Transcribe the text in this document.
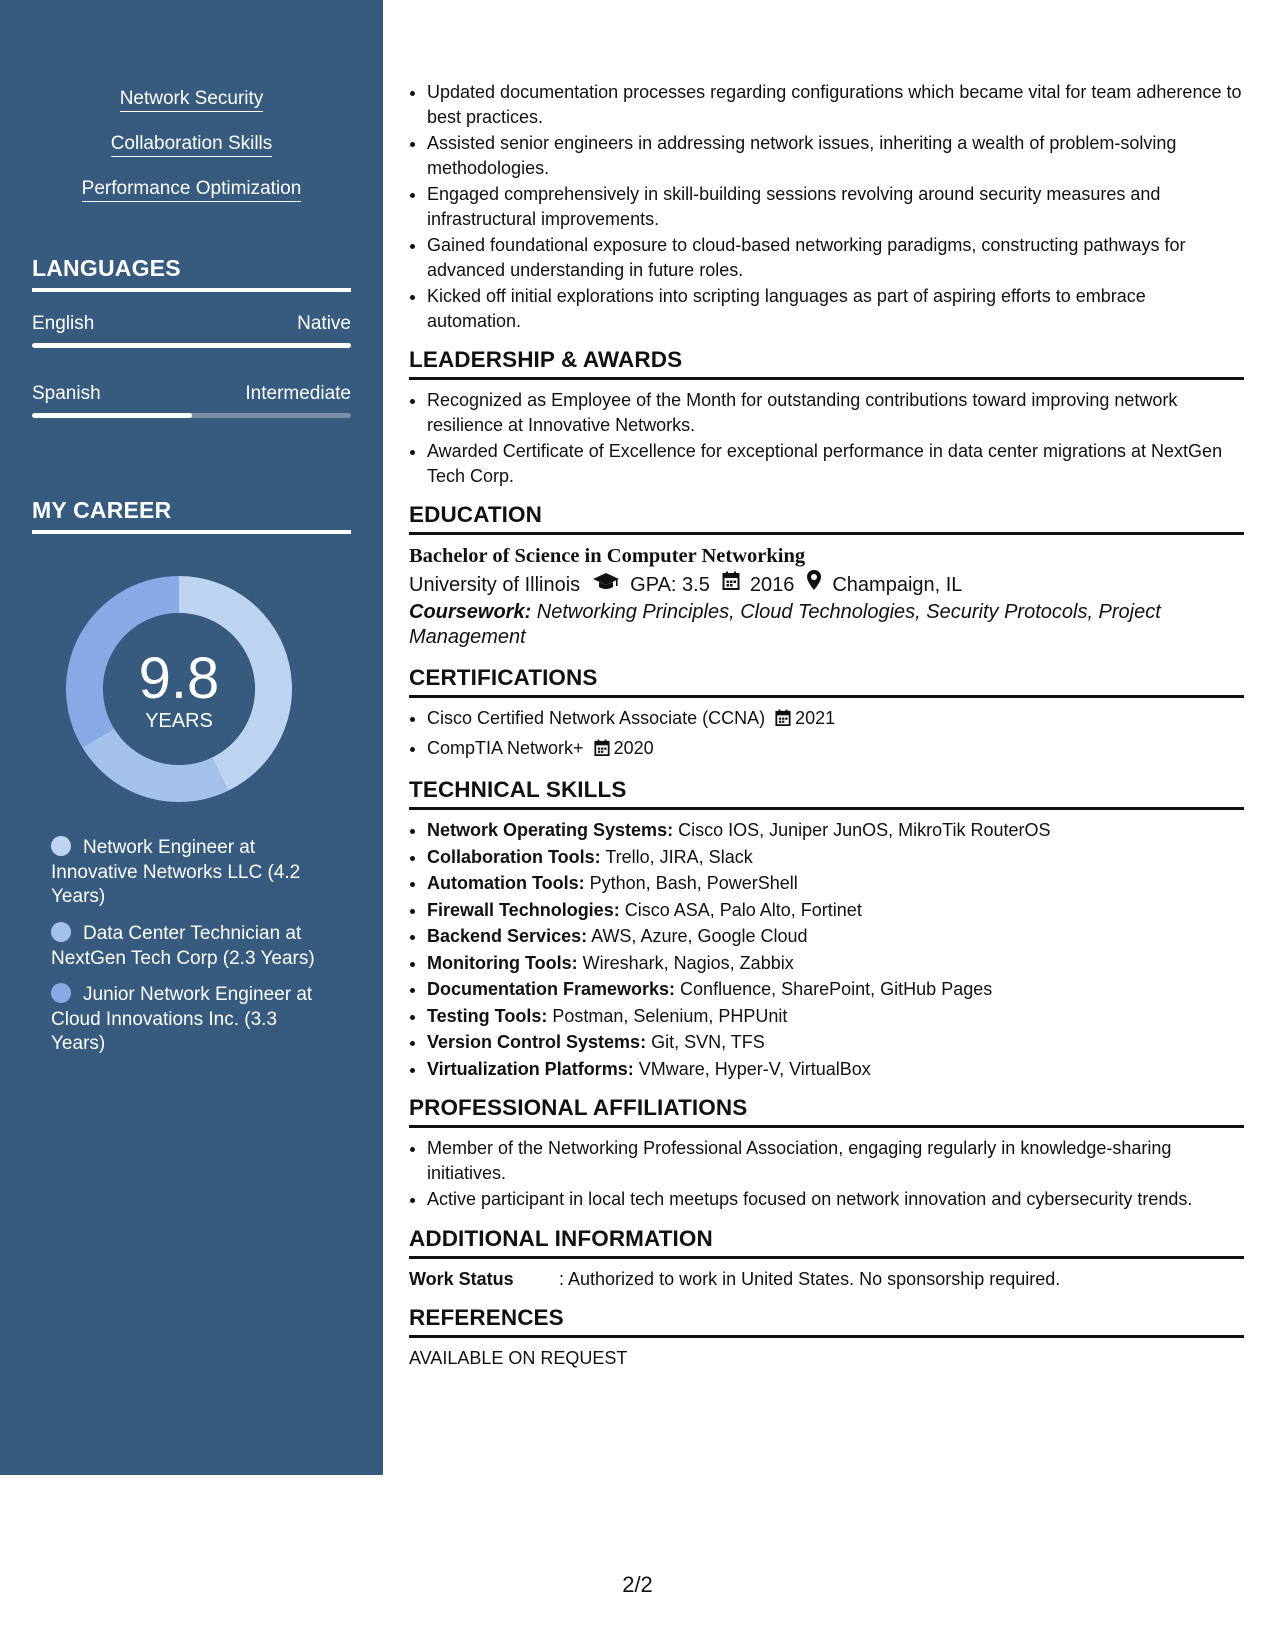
Network Security
Collaboration Skills
Performance Optimization
LANGUAGES
English	Native
Spanish	Intermediate
MY CAREER
9.8
YEARS
Network Engineer at Innovative Networks LLC (4.2 Years)
Data Center Technician at NextGen Tech Corp (2.3 Years)
Junior Network Engineer at Cloud Innovations Inc. (3.3 Years)
• Updated documentation processes regarding configurations which became vital for team adherence to best practices.
• Assisted senior engineers in addressing network issues, inheriting a wealth of problem-solving methodologies.
• Engaged comprehensively in skill-building sessions revolving around security measures and infrastructural improvements.
• Gained foundational exposure to cloud-based networking paradigms, constructing pathways for advanced understanding in future roles.
• Kicked off initial explorations into scripting languages as part of aspiring efforts to embrace automation.
LEADERSHIP & AWARDS
• Recognized as Employee of the Month for outstanding contributions toward improving network resilience at Innovative Networks.
• Awarded Certificate of Excellence for exceptional performance in data center migrations at NextGen Tech Corp.
EDUCATION
Bachelor of Science in Computer Networking
University of Illinois	GPA: 3.5 2016 Champaign, IL
Coursework: Networking Principles, Cloud Technologies, Security Protocols, Project Management
CERTIFICATIONS
• Cisco Certified Network Associate (CCNA) 2021
• CompTIA Network+ 2020
TECHNICAL SKILLS
• Network Operating Systems: Cisco IOS, Juniper JunOS, MikroTik RouterOS
• Collaboration Tools: Trello, JIRA, Slack
• Automation Tools: Python, Bash, PowerShell
• Firewall Technologies: Cisco ASA, Palo Alto, Fortinet
• Backend Services: AWS, Azure, Google Cloud
• Monitoring Tools: Wireshark, Nagios, Zabbix
• Documentation Frameworks: Confluence, SharePoint, GitHub Pages
• Testing Tools: Postman, Selenium, PHPUnit
• Version Control Systems: Git, SVN, TFS
• Virtualization Platforms: VMware, Hyper-V, VirtualBox
PROFESSIONAL AFFILIATIONS
• Member of the Networking Professional Association, engaging regularly in knowledge-sharing initiatives.
• Active participant in local tech meetups focused on network innovation and cybersecurity trends.
ADDITIONAL INFORMATION
Work Status	: Authorized to work in United States. No sponsorship required.
REFERENCES
AVAILABLE ON REQUEST
2/2
